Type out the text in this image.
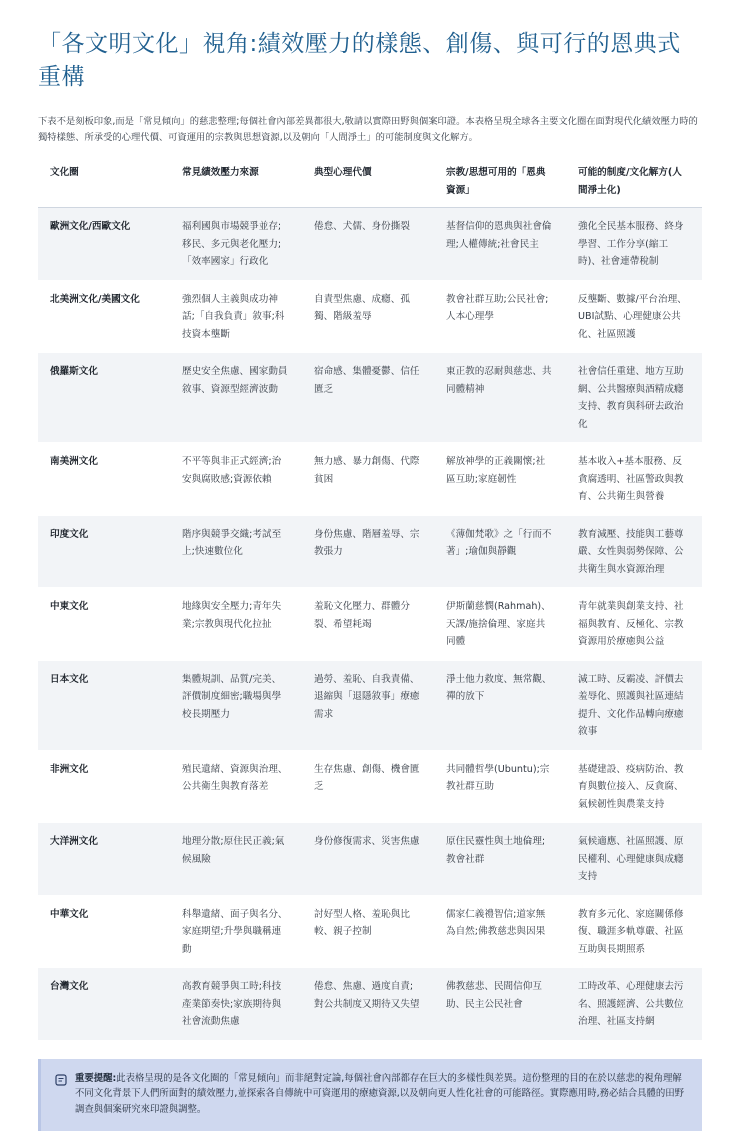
「各文明文化」視角:績效壓力的樣態、創傷、與可行的恩典式重構

下表不是刻板印象,而是「常見傾向」的慈悲整理;每個社會內部差異都很大,敬請以實際田野與個案印證。本表格呈現全球各主要文化圈在面對現代化績效壓力時的獨特樣態、所承受的心理代價、可資運用的宗教與思想資源,以及朝向「人間淨土」的可能制度與文化解方。

文化圈	常見績效壓力來源	典型心理代價	宗教/思想可用的「恩典資源」	可能的制度/文化解方(人間淨土化)
歐洲文化/西歐文化	福利國與市場競爭並存;移民、多元與老化壓力;「效率國家」行政化	倦怠、犬儒、身份撕裂	基督信仰的恩典與社會倫理;人權傳統;社會民主	強化全民基本服務、終身學習、工作分享(縮工時)、社會連帶稅制
北美洲文化/美國文化	強烈個人主義與成功神話;「自我負責」敘事;科技資本壟斷	自責型焦慮、成癮、孤獨、階級羞辱	教會社群互助;公民社會;人本心理學	反壟斷、數據/平台治理、UBI試點、心理健康公共化、社區照護
俄羅斯文化	歷史安全焦慮、國家動員敘事、資源型經濟波動	宿命感、集體憂鬱、信任匱乏	東正教的忍耐與慈悲、共同體精神	社會信任重建、地方互助網、公共醫療與酒精成癮支持、教育與科研去政治化
南美洲文化	不平等與非正式經濟;治安與腐敗感;資源依賴	無力感、暴力創傷、代際貧困	解放神學的正義關懷;社區互助;家庭韌性	基本收入+基本服務、反貪腐透明、社區警政與教育、公共衛生與營養
印度文化	階序與競爭交織;考試至上;快速數位化	身份焦慮、階層羞辱、宗教張力	《薄伽梵歌》之「行而不著」;瑜伽與靜觀	教育減壓、技能與工藝尊嚴、女性與弱勢保障、公共衛生與水資源治理
中東文化	地緣與安全壓力;青年失業;宗教與現代化拉扯	羞恥文化壓力、群體分裂、希望耗竭	伊斯蘭慈憫(Rahmah)、天課/施捨倫理、家庭共同體	青年就業與創業支持、社福與教育、反極化、宗教資源用於療癒與公益
日本文化	集體規訓、品質/完美、評價制度細密;職場與學校長期壓力	過勞、羞恥、自我責備、退縮與「退隱敘事」療癒需求	淨土他力救度、無常觀、禪的放下	減工時、反霸凌、評價去羞辱化、照護與社區連結提升、文化作品轉向療癒敘事
非洲文化	殖民遺緒、資源與治理、公共衛生與教育落差	生存焦慮、創傷、機會匱乏	共同體哲學(Ubuntu);宗教社群互助	基礎建設、疫病防治、教育與數位接入、反貪腐、氣候韌性與農業支持
大洋洲文化	地理分散;原住民正義;氣候風險	身份修復需求、災害焦慮	原住民靈性與土地倫理;教會社群	氣候適應、社區照護、原民權利、心理健康與成癮支持
中華文化	科舉遺緒、面子與名分、家庭期望;升學與職稱連動	討好型人格、羞恥與比較、親子控制	儒家仁義禮智信;道家無為自然;佛教慈悲與因果	教育多元化、家庭關係修復、職涯多軌尊嚴、社區互助與長期照系
台灣文化	高教育競爭與工時;科技產業節奏快;家族期待與社會流動焦慮	倦怠、焦慮、過度自責;對公共制度又期待又失望	佛教慈悲、民間信仰互助、民主公民社會	工時改革、心理健康去污名、照護經濟、公共數位治理、社區支持網
重要提醒:此表格呈現的是各文化圈的「常見傾向」而非絕對定論,每個社會內部都存在巨大的多樣性與差異。這份整理的目的在於以慈悲的視角理解不同文化背景下人們所面對的績效壓力,並探索各自傳統中可資運用的療癒資源,以及朝向更人性化社會的可能路徑。實際應用時,務必結合具體的田野調查與個案研究來印證與調整。
